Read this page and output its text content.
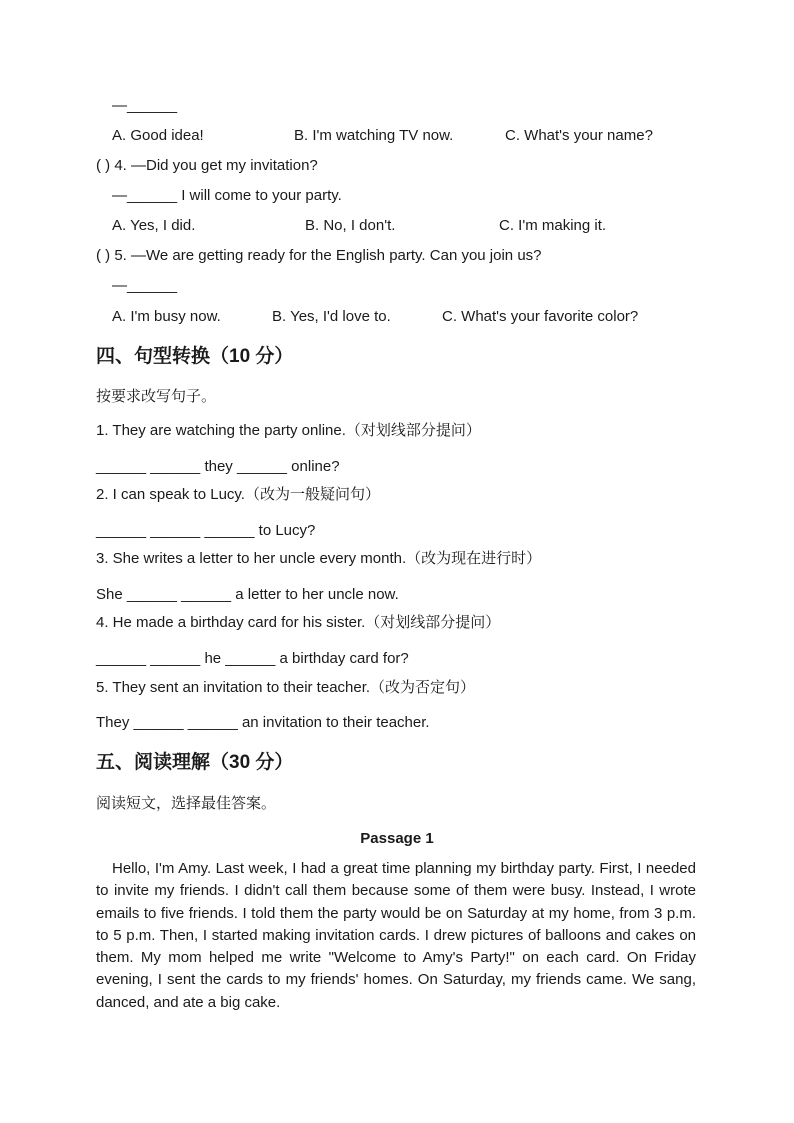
—______
A. Good idea!	B. I'm watching TV now.	C. What's your name?
( ) 4. —Did you get my invitation?
—______ I will come to your party.
A. Yes, I did.	B. No, I don't.	C. I'm making it.
( ) 5. —We are getting ready for the English party. Can you join us?
—______
A. I'm busy now.	B. Yes, I'd love to.	C. What's your favorite color?
四、句型转换（10 分）
按要求改写句子。
1. They are watching the party online.（对划线部分提问）
______ ______ they ______ online?
2. I can speak to Lucy.（改为一般疑问句）
______ ______ ______ to Lucy?
3. She writes a letter to her uncle every month.（改为现在进行时）
She ______ ______ a letter to her uncle now.
4. He made a birthday card for his sister.（对划线部分提问）
______ ______ he ______ a birthday card for?
5. They sent an invitation to their teacher.（改为否定句）
They ______ ______ an invitation to their teacher.
五、阅读理解（30 分）
阅读短文，选择最佳答案。
Passage 1
Hello, I'm Amy. Last week, I had a great time planning my birthday party. First, I needed to invite my friends. I didn't call them because some of them were busy. Instead, I wrote emails to five friends. I told them the party would be on Saturday at my home, from 3 p.m. to 5 p.m. Then, I started making invitation cards. I drew pictures of balloons and cakes on them. My mom helped me write "Welcome to Amy's Party!" on each card. On Friday evening, I sent the cards to my friends' homes. On Saturday, my friends came. We sang, danced, and ate a big cake.
